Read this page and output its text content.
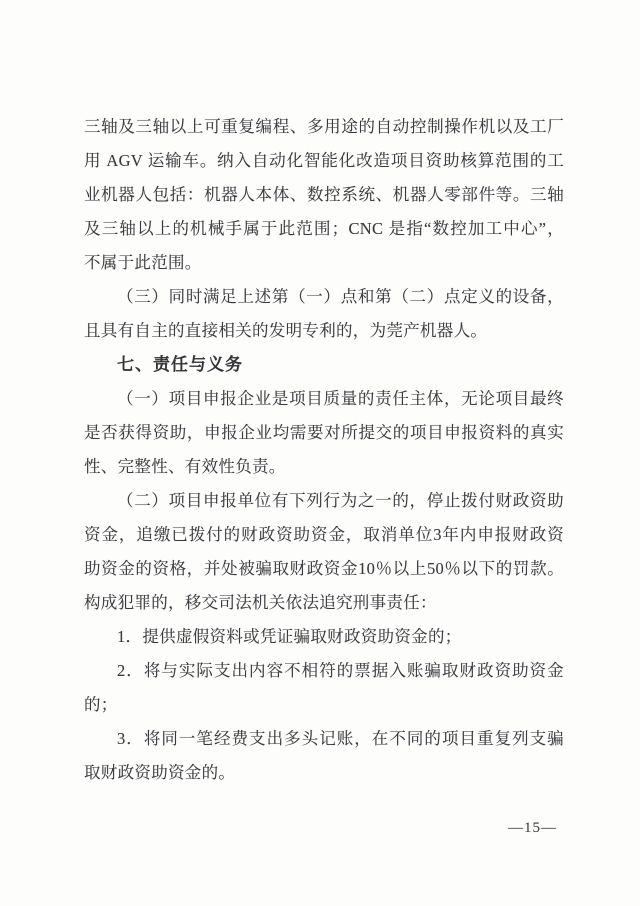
三轴及三轴以上可重复编程、多用途的自动控制操作机以及工厂
用 AGV 运输车。纳入自动化智能化改造项目资助核算范围的工
业机器人包括：机器人本体、数控系统、机器人零部件等。三轴
及三轴以上的机械手属于此范围；CNC 是指“数控加工中心”，
不属于此范围。
（三）同时满足上述第（一）点和第（二）点定义的设备，
且具有自主的直接相关的发明专利的，为莞产机器人。
七、责任与义务
（一）项目申报企业是项目质量的责任主体，无论项目最终
是否获得资助，申报企业均需要对所提交的项目申报资料的真实
性、完整性、有效性负责。
（二）项目申报单位有下列行为之一的，停止拨付财政资助
资金，追缴已拨付的财政资助资金，取消单位3年内申报财政资
助资金的资格，并处被骗取财政资金10％以上50％以下的罚款。
构成犯罪的，移交司法机关依法追究刑事责任：
1．提供虚假资料或凭证骗取财政资助资金的；
2．将与实际支出内容不相符的票据入账骗取财政资助资金
的；
3．将同一笔经费支出多头记账，在不同的项目重复列支骗
取财政资助资金的。
—15—
